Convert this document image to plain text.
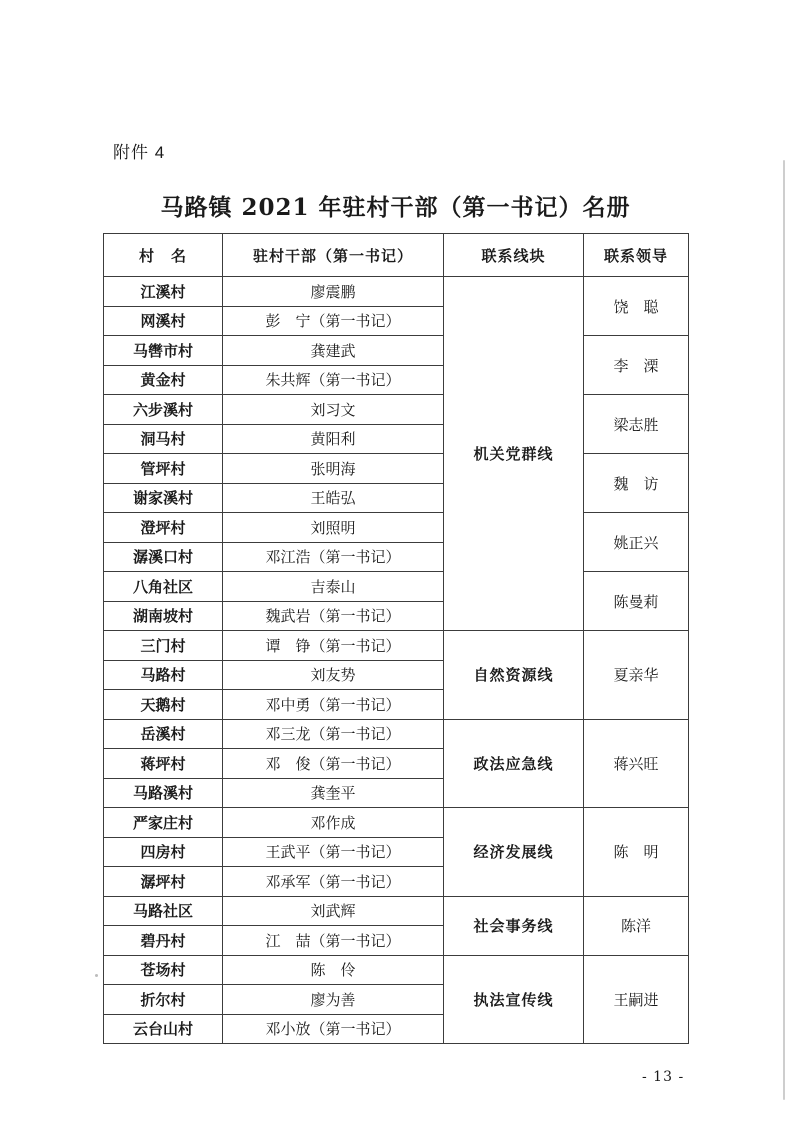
附件 4
马路镇 2021 年驻村干部（第一书记）名册
村　名	驻村干部（第一书记）	联系线块	联系领导
江溪村	廖震鹏	机关党群线	饶　聪
网溪村	彭　宁（第一书记）		
马辔市村	龚建武		李　溧
黄金村	朱共辉（第一书记）		
六步溪村	刘习文		梁志胜
洞马村	黄阳利		
管坪村	张明海		魏　访
谢家溪村	王皓弘		
澄坪村	刘照明		姚正兴
潺溪口村	邓江浩（第一书记）		
八角社区	吉泰山		陈曼莉
湖南坡村	魏武岩（第一书记）		
三门村	谭　铮（第一书记）	自然资源线	夏亲华
马路村	刘友势		
天鹅村	邓中勇（第一书记）		
岳溪村	邓三龙（第一书记）	政法应急线	蒋兴旺
蒋坪村	邓　俊（第一书记）		
马路溪村	龚奎平		
严家庄村	邓作成	经济发展线	陈　明
四房村	王武平（第一书记）		
潺坪村	邓承军（第一书记）		
马路社区	刘武辉	社会事务线	陈洋
碧丹村	江　喆（第一书记）		
苍场村	陈　伶	执法宣传线	王嗣进
折尔村	廖为善		
云台山村	邓小放（第一书记）		
- 13 -
